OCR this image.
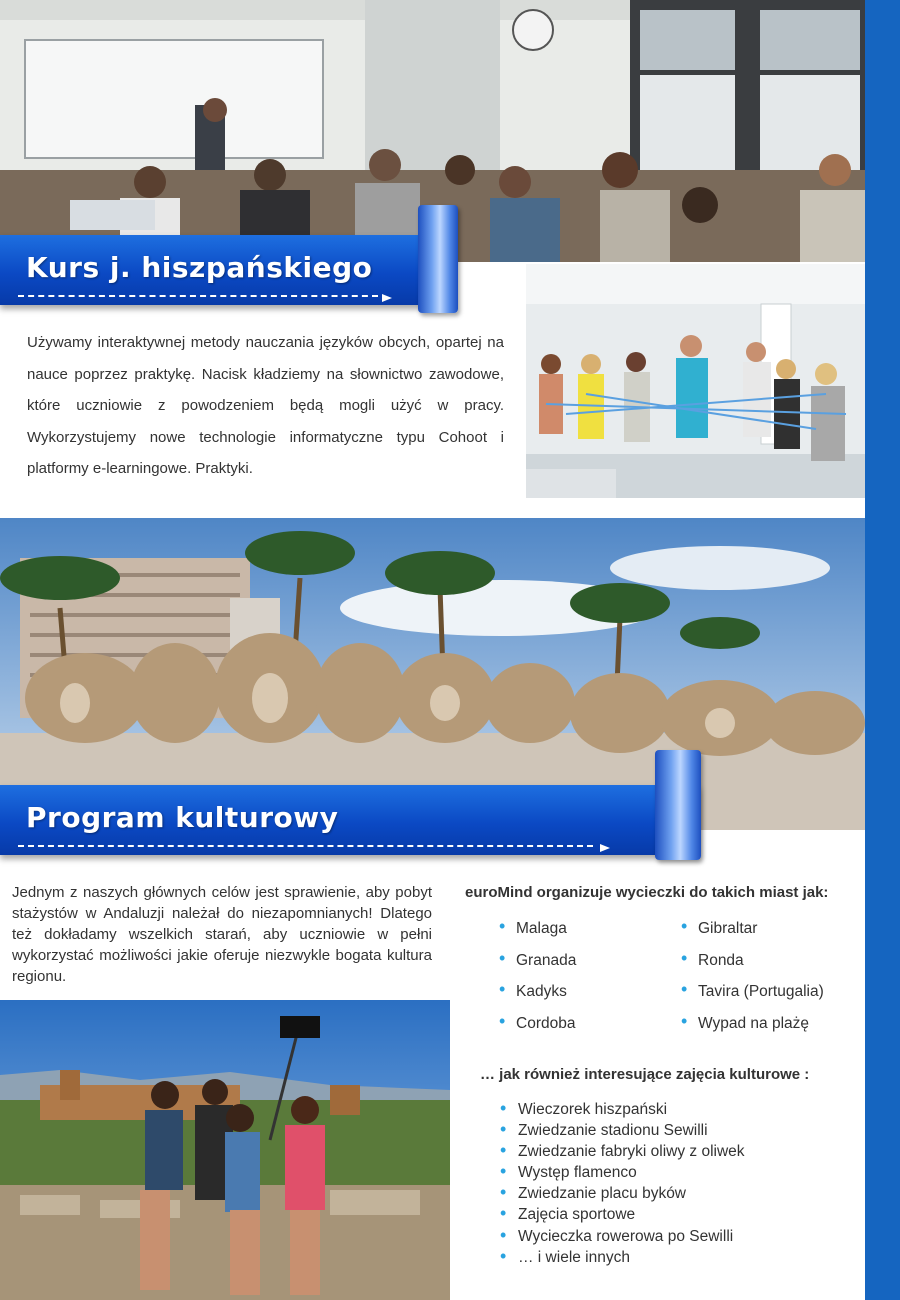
Kurs j. hiszpańskiego
Używamy interaktywnej metody nauczania języków obcych, opartej na nauce poprzez praktykę. Nacisk kładziemy na słownictwo zawodowe, które uczniowie z powodzeniem będą mogli użyć w pracy. Wykorzystujemy nowe technologie informatyczne typu Cohoot i platformy e-learningowe. Praktyki.
Program kulturowy
Jednym z naszych głównych celów jest sprawienie, aby pobyt stażystów w Andaluzji należał do niezapomnianych! Dlatego też dokładamy wszelkich starań, aby uczniowie w pełni wykorzystać możliwości jakie oferuje niezwykle bogata kultura regionu.
euroMind organizuje wycieczki do takich miast jak:
• Malaga
• Granada
• Kadyks
• Cordoba
• Gibraltar
• Ronda
• Tavira (Portugalia)
• Wypad na plażę
… jak również interesujące zajęcia kulturowe :
• Wieczorek hiszpański
• Zwiedzanie stadionu Sewilli
• Zwiedzanie fabryki oliwy z oliwek
• Występ flamenco
• Zwiedzanie placu byków
• Zajęcia sportowe
• Wycieczka rowerowa po Sewilli
• … i wiele innych
